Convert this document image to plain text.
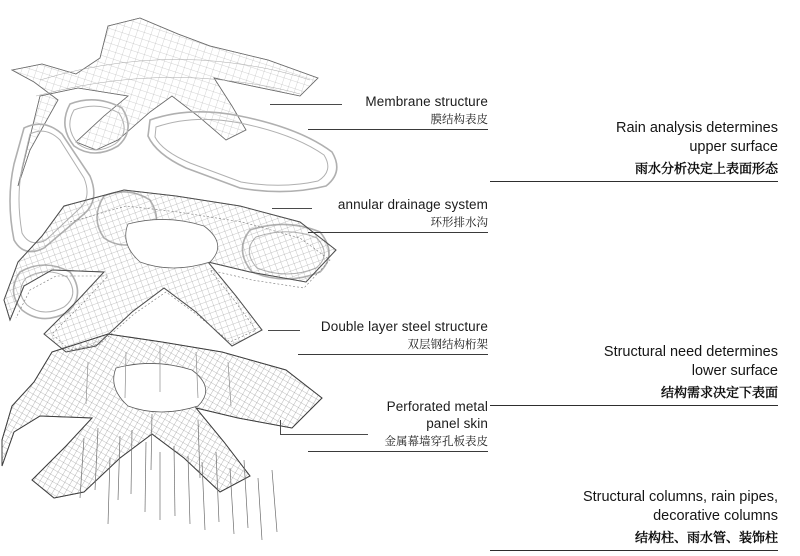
Membrane structure
膜结构表皮
annular drainage system
环形排水沟
Double layer steel structure
双层钢结构桁架
Perforated metal
panel skin
金属幕墙穿孔板表皮
Rain analysis determines
upper surface
雨水分析决定上表面形态
Structural need determines
lower surface
结构需求决定下表面
Structural columns, rain pipes,
decorative columns
结构柱、雨水管、装饰柱
